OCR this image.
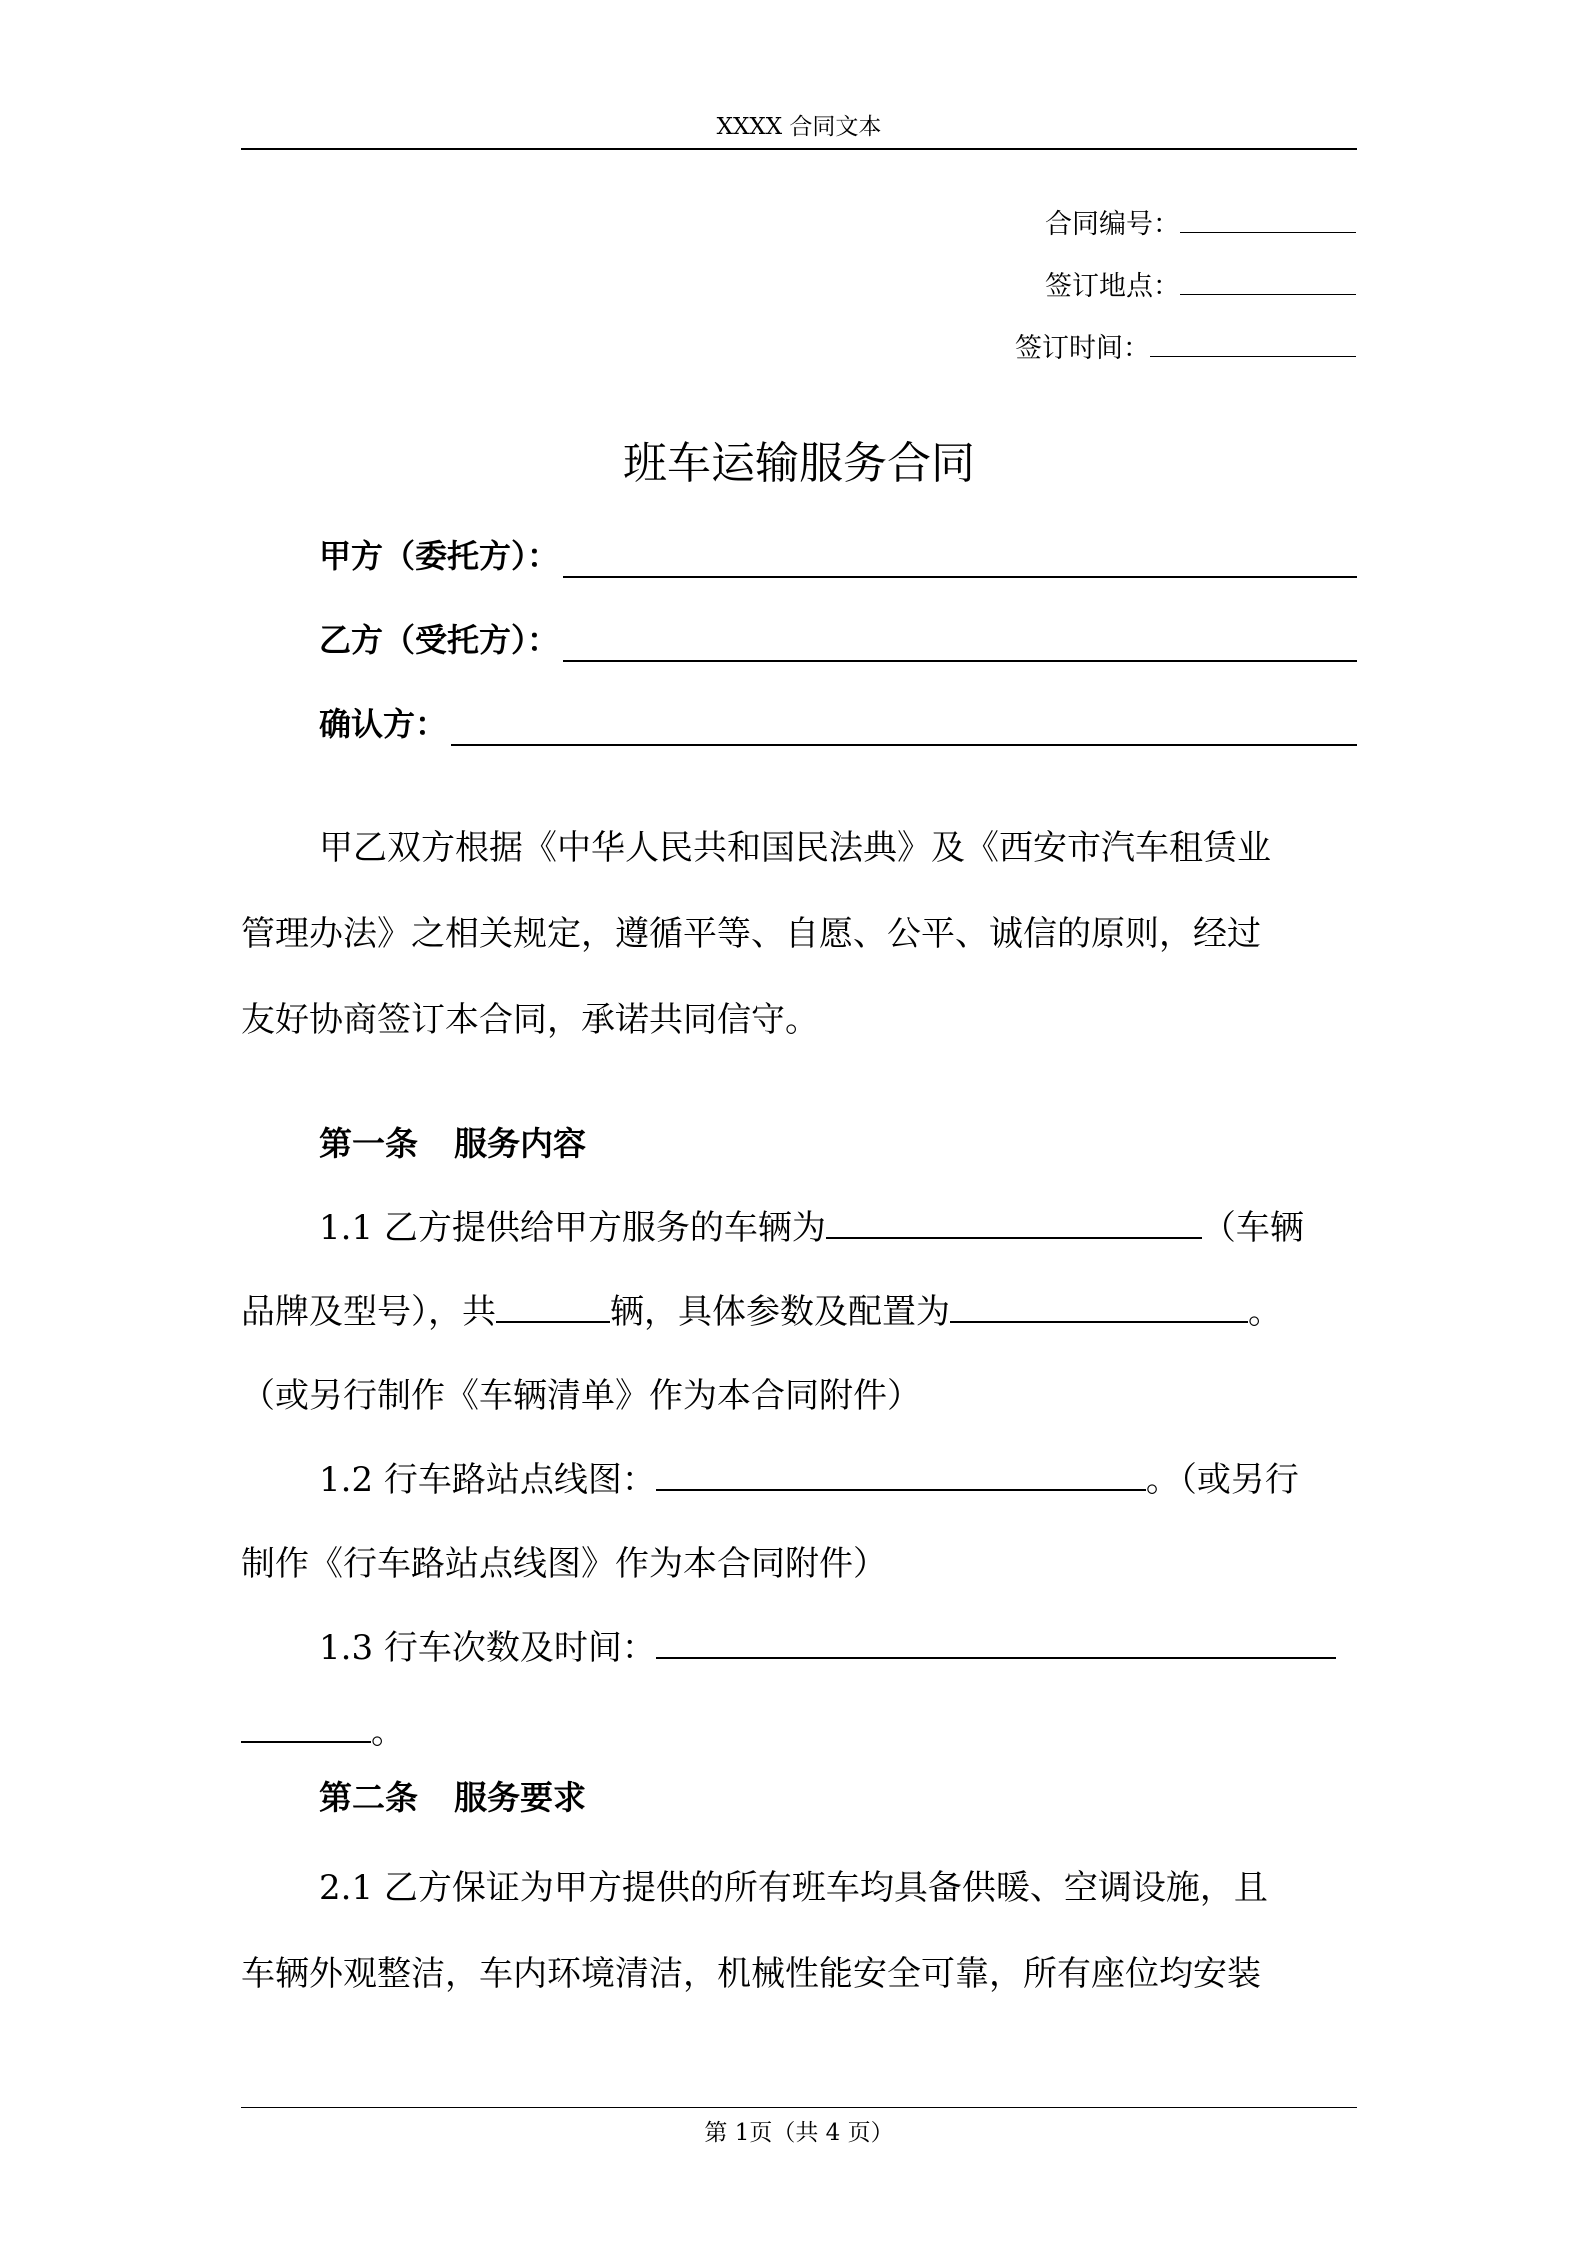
XXXX 合同文本
合同编号：
签订地点：
签订时间：
班车运输服务合同
甲方（委托方）：
乙方（受托方）：
确认方：
甲乙双方根据《中华人民共和国民法典》及《西安市汽车租赁业
管理办法》之相关规定，遵循平等、自愿、公平、诚信的原则，经过
友好协商签订本合同，承诺共同信守。
第一条 服务内容
1.1 乙方提供给甲方服务的车辆为	（车辆
品牌及型号），共	辆，具体参数及配置为	。
（或另行制作《车辆清单》作为本合同附件）
1.2 行车路站点线图：	。（或另行
制作《行车路站点线图》作为本合同附件）
1.3 行车次数及时间：
。
第二条 服务要求
2.1 乙方保证为甲方提供的所有班车均具备供暖、空调设施，且
车辆外观整洁，车内环境清洁，机械性能安全可靠，所有座位均安装
第 1页（共 4 页）
